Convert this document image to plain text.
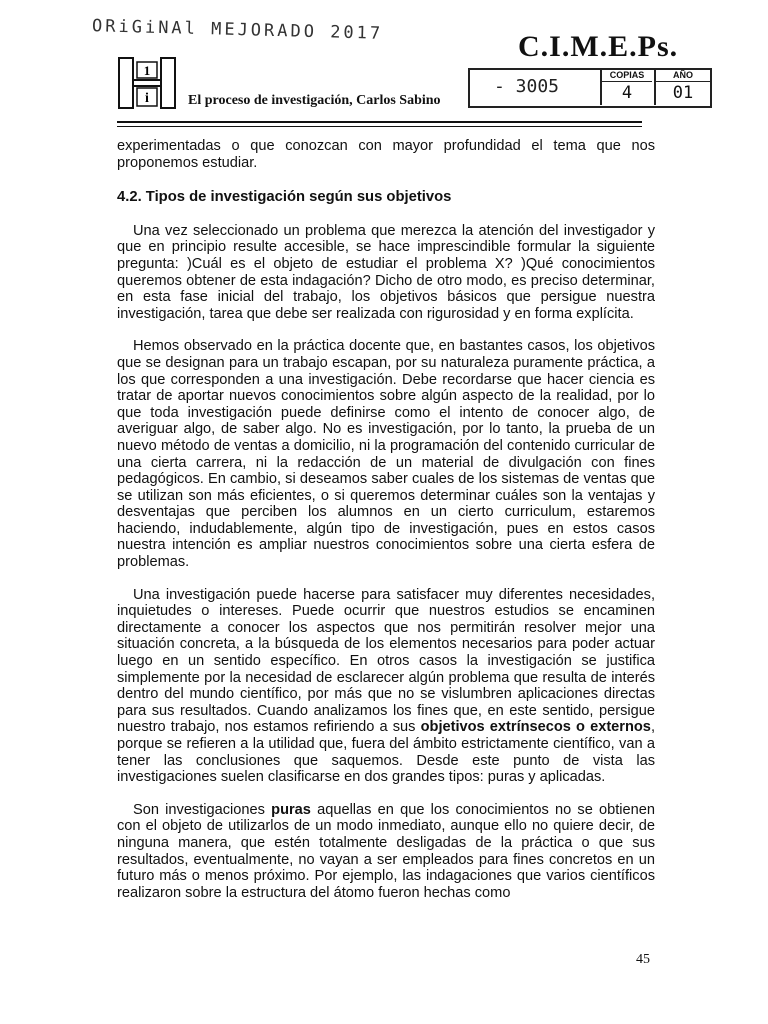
ORiGiNAl MEJORADO 2017
C.I.M.E.Ps.
- 3005
COPIAS
4
AÑO
01
1
i	El proceso de investigación, Carlos Sabino

experimentadas o que conozcan con mayor profundidad el tema que nos proponemos estudiar.

4.2. Tipos de investigación según sus objetivos

Una vez seleccionado un problema que merezca la atención del investigador y que en principio resulte accesible, se hace imprescindible formular la siguiente pregunta: )Cuál es el objeto de estudiar el problema X? )Qué conocimientos queremos obtener de esta indagación? Dicho de otro modo, es preciso determinar, en esta fase inicial del trabajo, los objetivos básicos que persigue nuestra investigación, tarea que debe ser realizada con rigurosidad y en forma explícita.

Hemos observado en la práctica docente que, en bastantes casos, los objetivos que se designan para un trabajo escapan, por su naturaleza puramente práctica, a los que corresponden a una investigación. Debe recordarse que hacer ciencia es tratar de aportar nuevos conocimientos sobre algún aspecto de la realidad, por lo que toda investigación puede definirse como el intento de conocer algo, de averiguar algo, de saber algo. No es investigación, por lo tanto, la prueba de un nuevo método de ventas a domicilio, ni la programación del contenido curricular de una cierta carrera, ni la redacción de un material de divulgación con fines pedagógicos. En cambio, si deseamos saber cuales de los sistemas de ventas que se utilizan son más eficientes, o si queremos determinar cuáles son la ventajas y desventajas que perciben los alumnos en un cierto curriculum, estaremos haciendo, indudablemente, algún tipo de investigación, pues en estos casos nuestra intención es ampliar nuestros conocimientos sobre una cierta esfera de problemas.

Una investigación puede hacerse para satisfacer muy diferentes necesidades, inquietudes o intereses. Puede ocurrir que nuestros estudios se encaminen directamente a conocer los aspectos que nos permitirán resolver mejor una situación concreta, a la búsqueda de los elementos necesarios para poder actuar luego en un sentido específico. En otros casos la investigación se justifica simplemente por la necesidad de esclarecer algún problema que resulta de interés dentro del mundo científico, por más que no se vislumbren aplicaciones directas para sus resultados. Cuando analizamos los fines que, en este sentido, persigue nuestro trabajo, nos estamos refiriendo a sus objetivos extrínsecos o externos, porque se refieren a la utilidad que, fuera del ámbito estrictamente científico, van a tener las conclusiones que saquemos. Desde este punto de vista las investigaciones suelen clasificarse en dos grandes tipos: puras y aplicadas.

Son investigaciones puras aquellas en que los conocimientos no se obtienen con el objeto de utilizarlos de un modo inmediato, aunque ello no quiere decir, de ninguna manera, que estén totalmente desligadas de la práctica o que sus resultados, eventualmente, no vayan a ser empleados para fines concretos en un futuro más o menos próximo. Por ejemplo, las indagaciones que varios científicos realizaron sobre la estructura del átomo fueron hechas como

45
